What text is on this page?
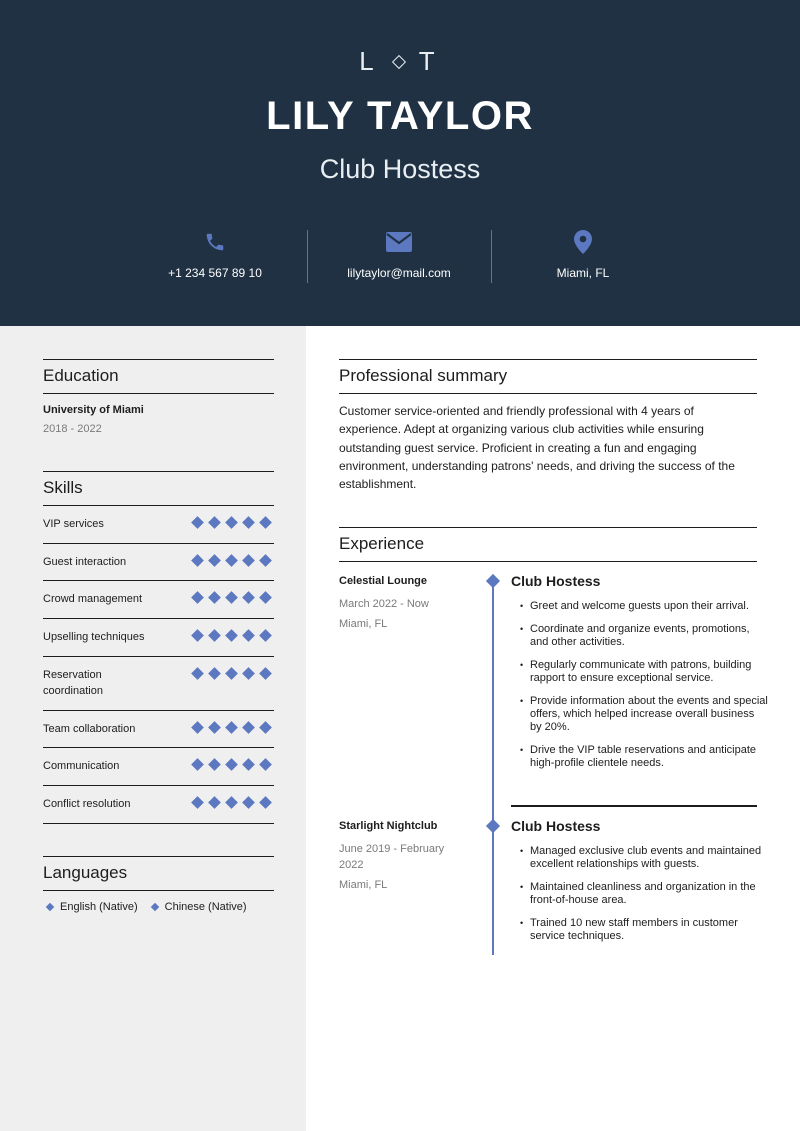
L T
LILY TAYLOR
Club Hostess
+1 234 567 89 10	lilytaylor@mail.com	Miami, FL
Education
University of Miami
2018 - 2022
Skills
VIP services
Guest interaction
Crowd management
Upselling techniques
Reservation coordination
Team collaboration
Communication
Conflict resolution
Languages
English (Native) Chinese (Native)
Professional summary
Customer service-oriented and friendly professional with 4 years of experience. Adept at organizing various club activities while ensuring outstanding guest service. Proficient in creating a fun and engaging environment, understanding patrons' needs, and driving the success of the establishment.
Experience
Celestial Lounge
March 2022 - Now
Miami, FL
Club Hostess
• Greet and welcome guests upon their arrival.
• Coordinate and organize events, promotions, and other activities.
• Regularly communicate with patrons, building rapport to ensure exceptional service.
• Provide information about the events and special offers, which helped increase overall business by 20%.
• Drive the VIP table reservations and anticipate high-profile clientele needs.
Starlight Nightclub
June 2019 - February 2022
Miami, FL
Club Hostess
• Managed exclusive club events and maintained excellent relationships with guests.
• Maintained cleanliness and organization in the front-of-house area.
• Trained 10 new staff members in customer service techniques.
